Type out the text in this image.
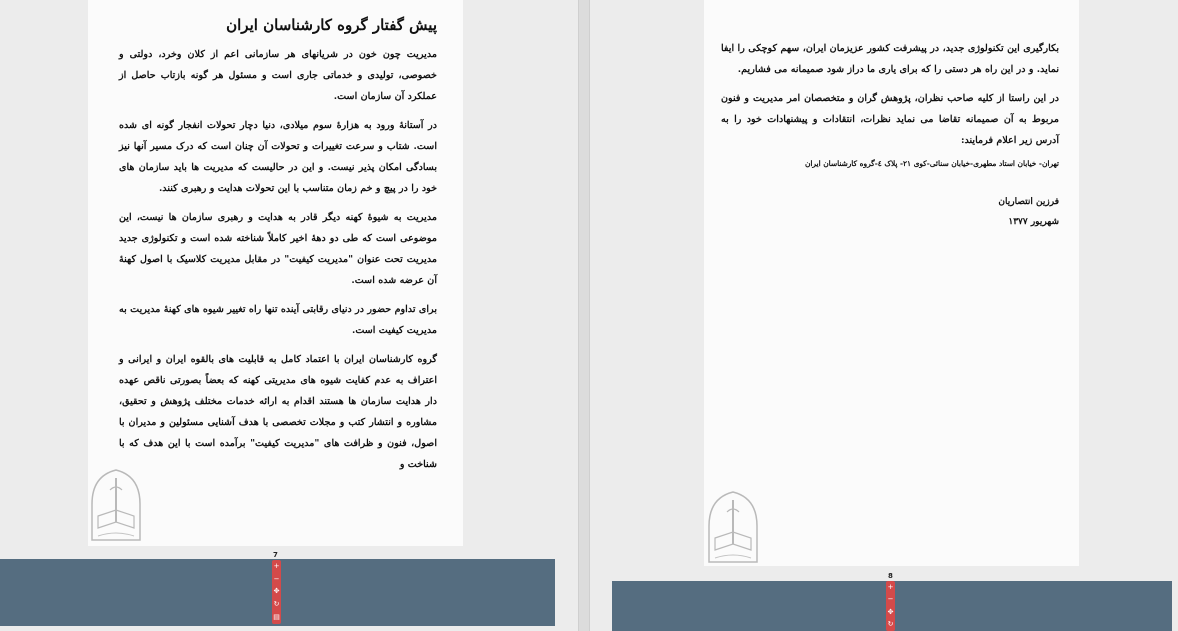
پیش گفتار گروه کارشناسان ایران

مدیریت چون خون در شریانهای هر سازمانی اعم از کلان وخرد، دولتی و خصوصی، تولیدی و خدماتی جاری است و مسئول هر گونه بازتاب حاصل از عملکرد آن سازمان است.

در آستانهٔ ورود به هزارهٔ سوم میلادی، دنیا دچار تحولات انفجار گونه ای شده است. شتاب و سرعت تغییرات و تحولات آن چنان است که درک مسیر آنها نیز بسادگی امکان پذیر نیست. و این در حالیست که مدیریت ها باید سازمان های خود را در پیچ و خم زمان متناسب با این تحولات هدایت و رهبری کنند.

مدیریت به شیوهٔ کهنه دیگر قادر به هدایت و رهبری سازمان ها نیست، این موضوعی است که طی دو دههٔ اخیر کاملاً شناخته شده است و تکنولوژی جدید مدیریت تحت عنوان "مدیریت کیفیت" در مقابل مدیریت کلاسیک با اصول کهنهٔ آن عرضه شده است.

برای تداوم حضور در دنیای رقابتی آینده تنها راه تغییر شیوه های کهنهٔ مدیریت به مدیریت کیفیت است.

گروه کارشناسان ایران با اعتماد کامل به قابلیت های بالقوه ایران و ایرانی و اعتراف به عدم کفایت شیوه های مدیریتی کهنه که بعضاً بصورتی ناقص عهده دار هدایت سازمان ها هستند اقدام به ارائه خدمات مختلف پژوهش و تحقیق، مشاوره و انتشار کتب و مجلات تخصصی با هدف آشنایی مسئولین و مدیران با اصول، فنون و ظرافت های "مدیریت کیفیت" برآمده است با این هدف که با شناخت و

بکارگیری این تکنولوژی جدید، در پیشرفت کشور عزیزمان ایران، سهم کوچکی را ایفا نماید. و در این راه هر دستی را که برای یاری ما دراز شود صمیمانه می فشاریم.

در این راستا از کلیه صاحب نظران، پژوهش گران و متخصصان امر مدیریت و فنون مربوط به آن صمیمانه تقاضا می نماید نظرات، انتقادات و پیشنهادات خود را به آدرس زیر اعلام فرمایند:

تهران- خیابان استاد مطهری-خیابان سنائی-کوی ۲۱- پلاک ٤-گروه کارشناسان ایران

فرزین انتصاریان

شهریور ۱۳۷۷

7
8
+
−
✥
↻
▤
+
−
✥
↻
